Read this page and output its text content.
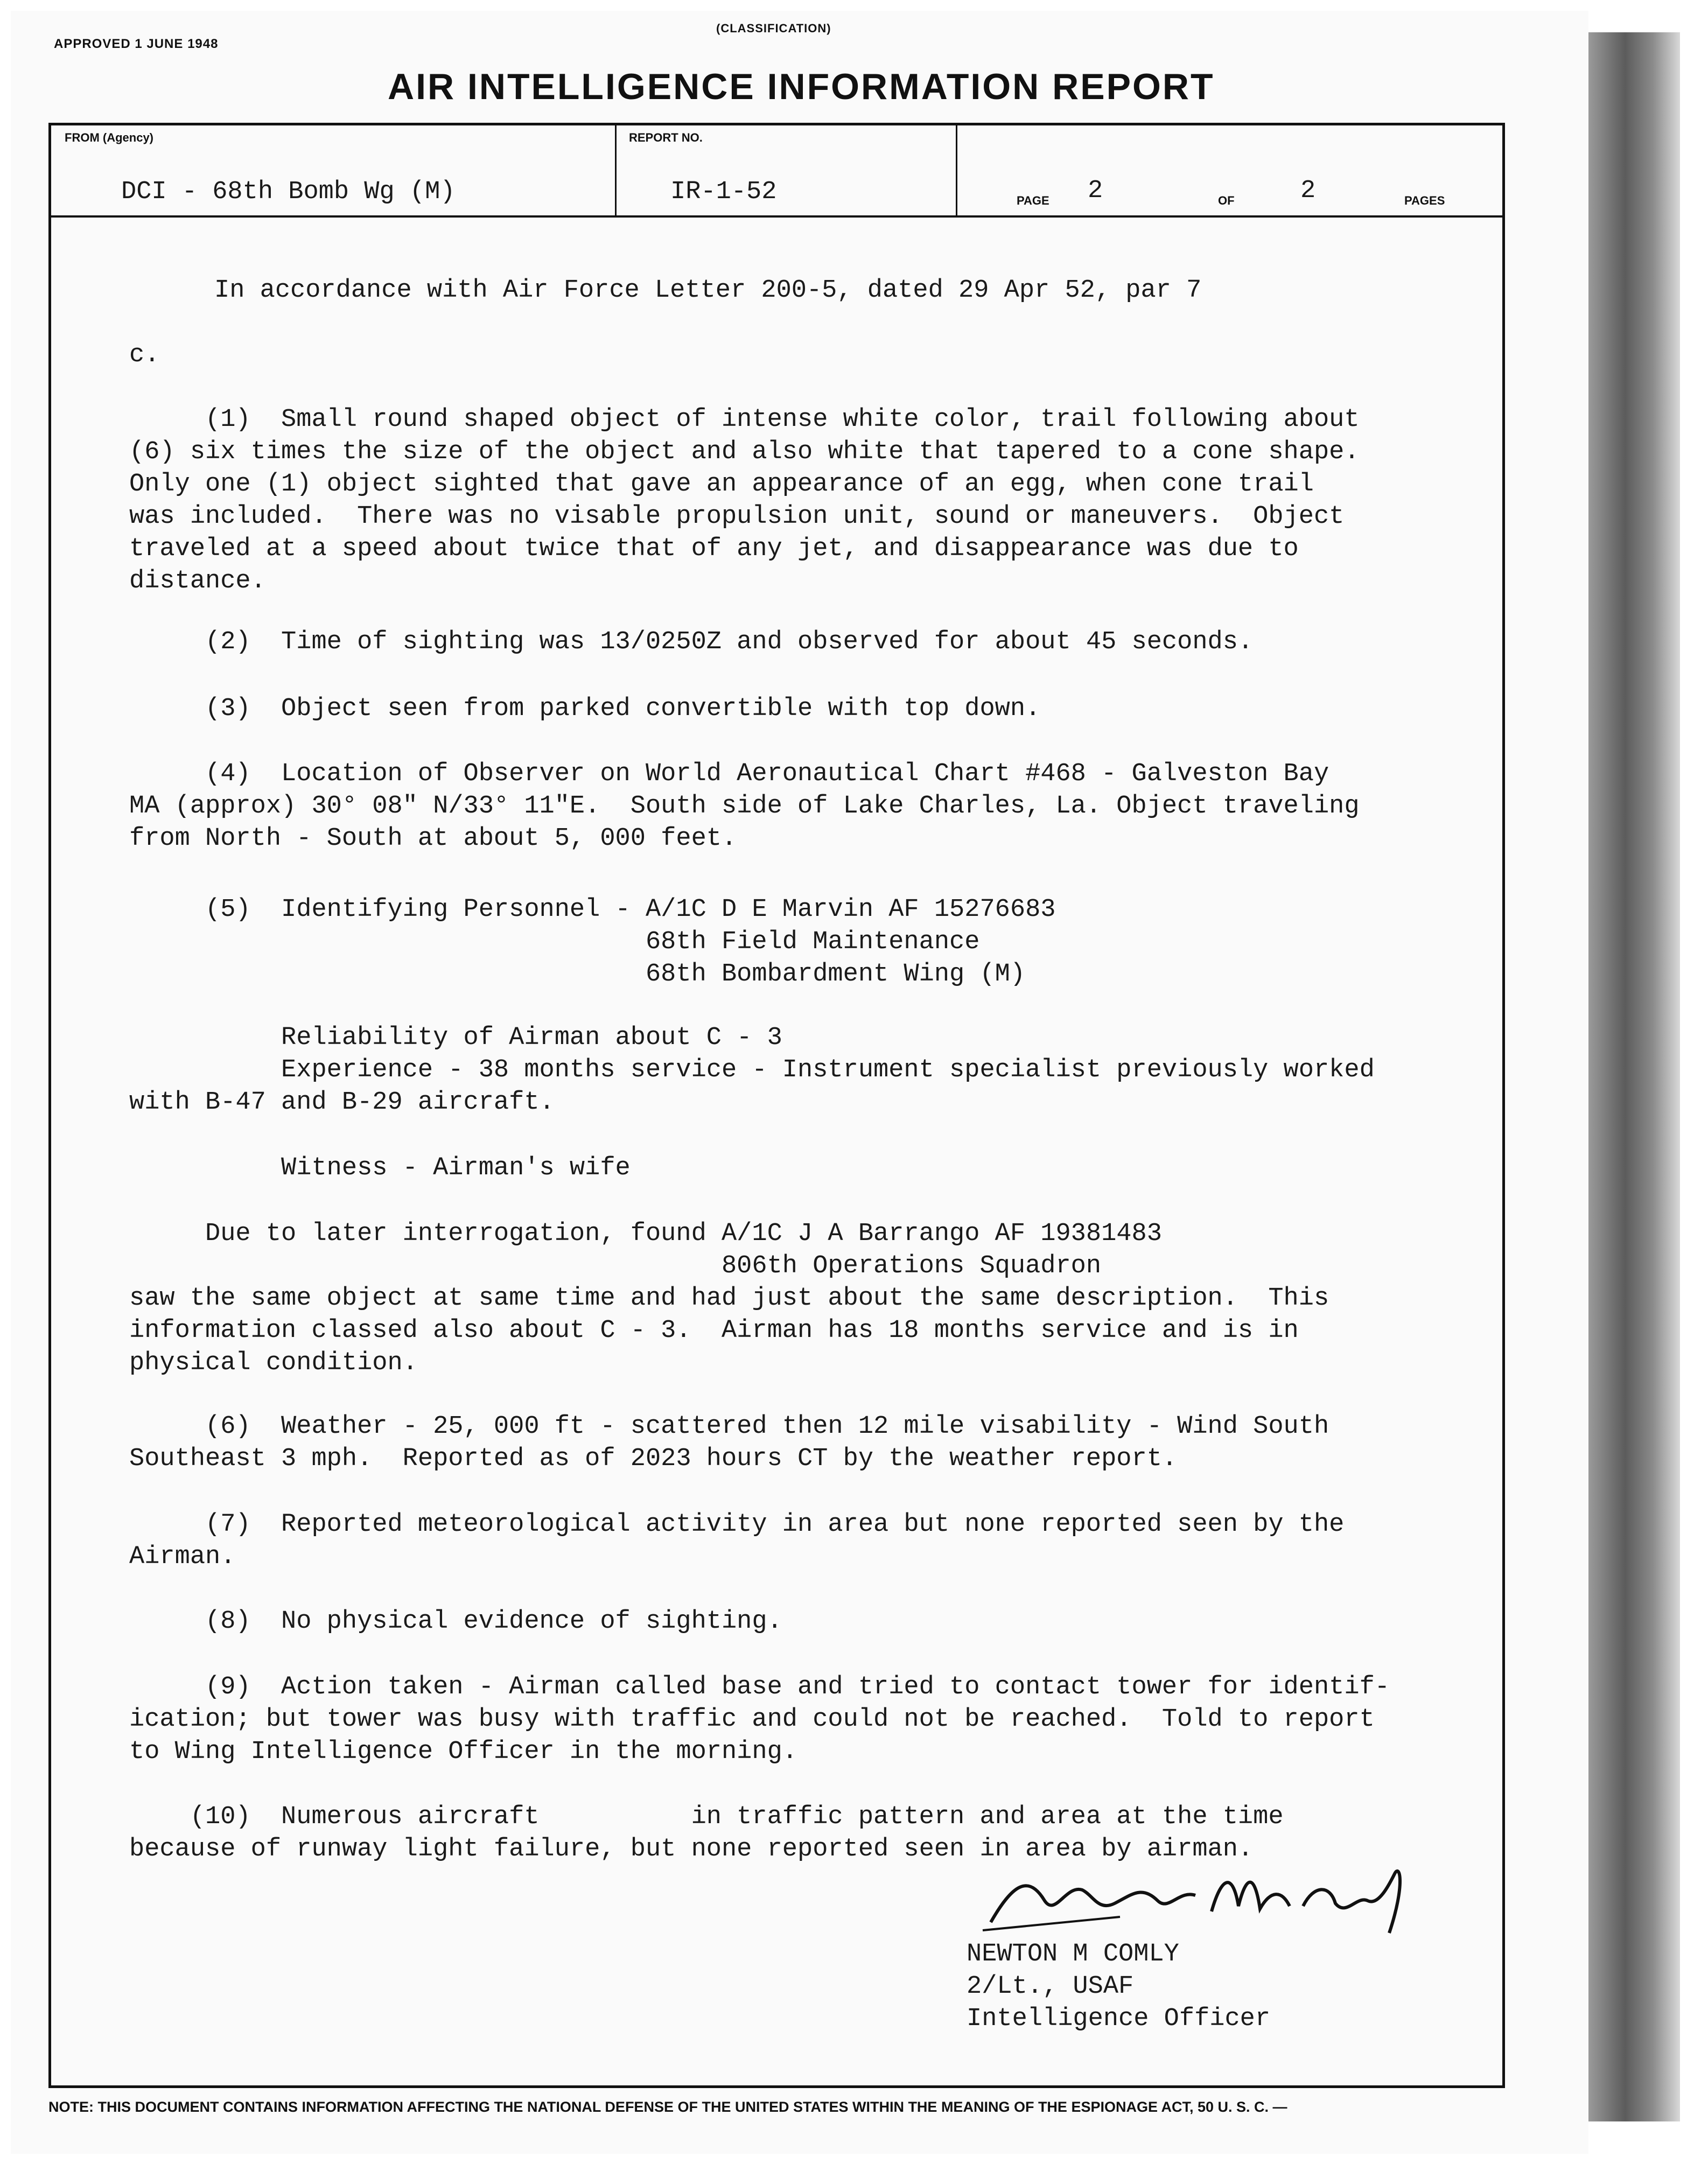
APPROVED 1 JUNE 1948
(CLASSIFICATION)
AIR INTELLIGENCE INFORMATION REPORT
FROM (Agency)
DCI - 68th Bomb Wg (M)
REPORT NO.
IR-1-52	PAGE 2	OF	2	PAGES
In accordance with Air Force Letter 200-5, dated 29 Apr 52, par 7
c.
(1)  Small round shaped object of intense white color, trail following about
(6) six times the size of the object and also white that tapered to a cone shape.
Only one (1) object sighted that gave an appearance of an egg, when cone trail
was included.  There was no visable propulsion unit, sound or maneuvers.  Object
traveled at a speed about twice that of any jet, and disappearance was due to
distance.
(2)  Time of sighting was 13/0250Z and observed for about 45 seconds.
(3)  Object seen from parked convertible with top down.
(4)  Location of Observer on World Aeronautical Chart #468 - Galveston Bay
MA (approx) 30° 08" N/33° 11"E.  South side of Lake Charles, La. Object traveling
from North - South at about 5, 000 feet.
(5)  Identifying Personnel - A/1C D E Marvin AF 15276683
68th Field Maintenance
68th Bombardment Wing (M)
Reliability of Airman about C - 3
Experience - 38 months service - Instrument specialist previously worked
with B-47 and B-29 aircraft.
Witness - Airman's wife
Due to later interrogation, found A/1C J A Barrango AF 19381483
806th Operations Squadron
saw the same object at same time and had just about the same description.  This
information classed also about C - 3.  Airman has 18 months service and is in
physical condition.
(6)  Weather - 25, 000 ft - scattered then 12 mile visability - Wind South
Southeast 3 mph.  Reported as of 2023 hours CT by the weather report.
(7)  Reported meteorological activity in area but none reported seen by the
Airman.
(8)  No physical evidence of sighting.
(9)  Action taken - Airman called base and tried to contact tower for identif-
ication; but tower was busy with traffic and could not be reached.  Told to report
to Wing Intelligence Officer in the morning.
(10)  Numerous aircraft          in traffic pattern and area at the time
because of runway light failure, but none reported seen in area by airman.
NEWTON M COMLY
2/Lt., USAF
Intelligence Officer
NOTE: THIS DOCUMENT CONTAINS INFORMATION AFFECTING THE NATIONAL DEFENSE OF THE UNITED STATES WITHIN THE MEANING OF THE ESPIONAGE ACT, 50 U. S. C. —
